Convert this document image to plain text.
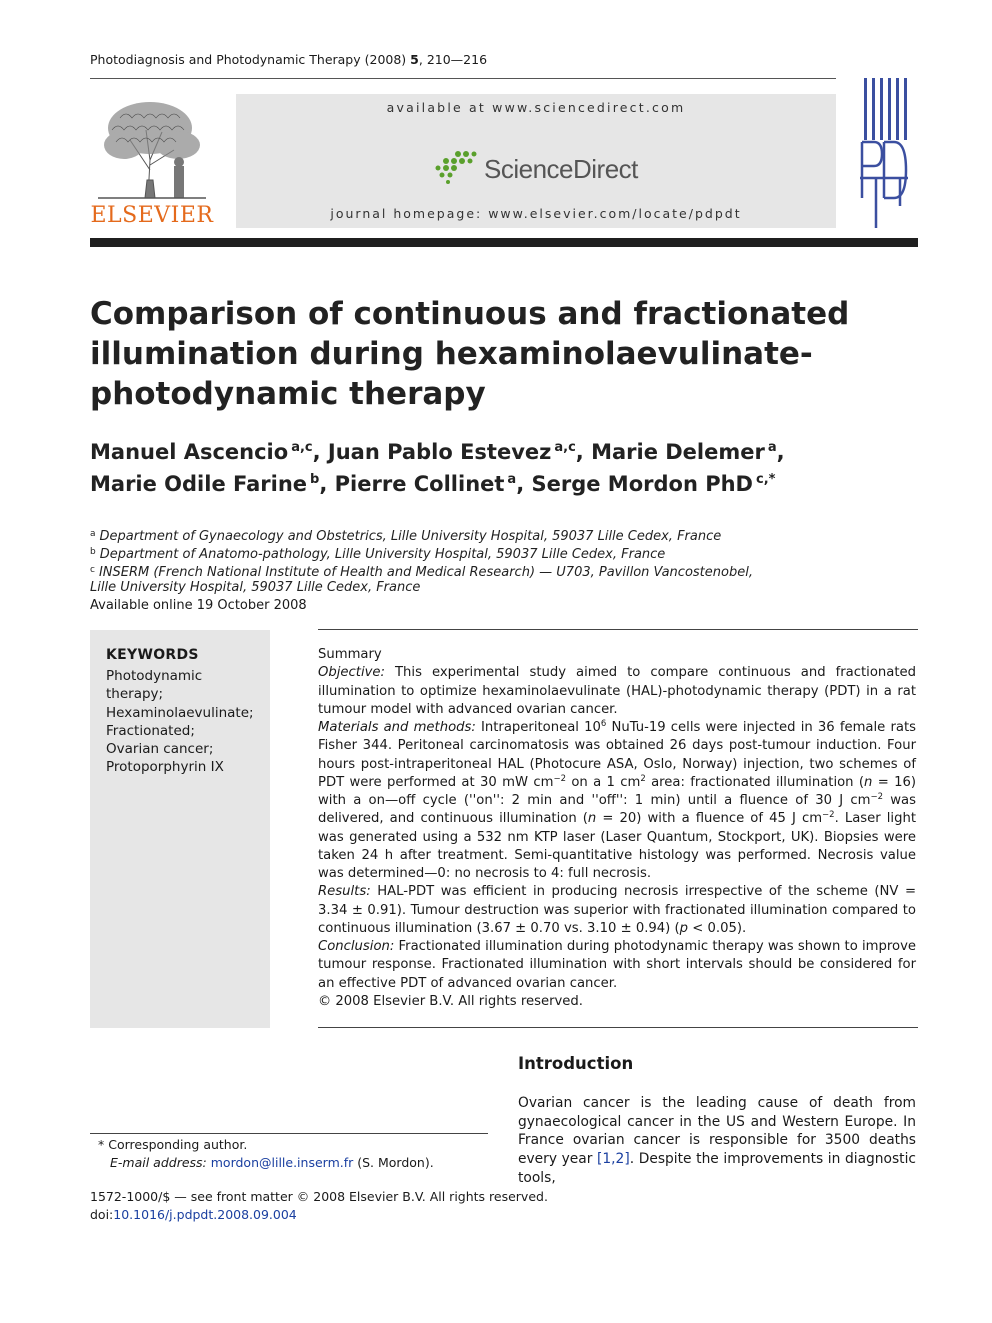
Photodiagnosis and Photodynamic Therapy (2008) 5, 210—216
ELSEVIER
available at www.sciencedirect.com
ScienceDirect
journal homepage: www.elsevier.com/locate/pdpdt
Comparison of continuous and fractionated illumination during hexaminolaevulinate-photodynamic therapy
Manuel Ascencio $^{a,c}$, Juan Pablo Estevez $^{a,c}$, Marie Delemer $^a$,
Marie Odile Farine $^b$, Pierre Collinet $^a$, Serge Mordon PhD $^{c,*}$
$^a$ Department of Gynaecology and Obstetrics, Lille University Hospital, 59037 Lille Cedex, France
$^b$ Department of Anatomo-pathology, Lille University Hospital, 59037 Lille Cedex, France
$^c$ INSERM (French National Institute of Health and Medical Research) — U703, Pavillon Vancostenobel,
Lille University Hospital, 59037 Lille Cedex, France
Available online 19 October 2008
KEYWORDS
Photodynamic
therapy;
Hexaminolaevulinate;
Fractionated;
Ovarian cancer;
Protoporphyrin IX

Summary

Objective: This experimental study aimed to compare continuous and fractionated illumination to optimize hexaminolaevulinate (HAL)-photodynamic therapy (PDT) in a rat tumour model with advanced ovarian cancer.

Materials and methods: Intraperitoneal $10^6$ NuTu-19 cells were injected in 36 female rats Fisher 344. Peritoneal carcinomatosis was obtained 26 days post-tumour induction. Four hours post-intraperitoneal HAL (Photocure ASA, Oslo, Norway) injection, two schemes of PDT were performed at 30 mW $cm^{-2}$ on a 1 $cm^2$ area: fractionated illumination (n = 16) with a on—off cycle (''on'': 2 min and ''off'': 1 min) until a fluence of 30 J $cm^{-2}$ was delivered, and continuous illumination (n = 20) with a fluence of 45 J $cm^{-2}$. Laser light was generated using a 532 nm KTP laser (Laser Quantum, Stockport, UK). Biopsies were taken 24 h after treatment. Semi-quantitative histology was performed. Necrosis value was determined—0: no necrosis to 4: full necrosis.

Results: HAL-PDT was efficient in producing necrosis irrespective of the scheme (NV = 3.34 ± 0.91). Tumour destruction was superior with fractionated illumination compared to continuous illumination (3.67 ± 0.70 vs. 3.10 ± 0.94) (p < 0.05).

Conclusion: Fractionated illumination during photodynamic therapy was shown to improve tumour response. Fractionated illumination with short intervals should be considered for an effective PDT of advanced ovarian cancer.

© 2008 Elsevier B.V. All rights reserved.

Introduction

Ovarian cancer is the leading cause of death from gynaecological cancer in the US and Western Europe. In France ovarian cancer is responsible for 3500 deaths every year [1,2]. Despite the improvements in diagnostic tools,

* Corresponding author.
E-mail address: mordon@lille.inserm.fr (S. Mordon).
1572-1000/$ — see front matter © 2008 Elsevier B.V. All rights reserved.
doi:10.1016/j.pdpdt.2008.09.004
